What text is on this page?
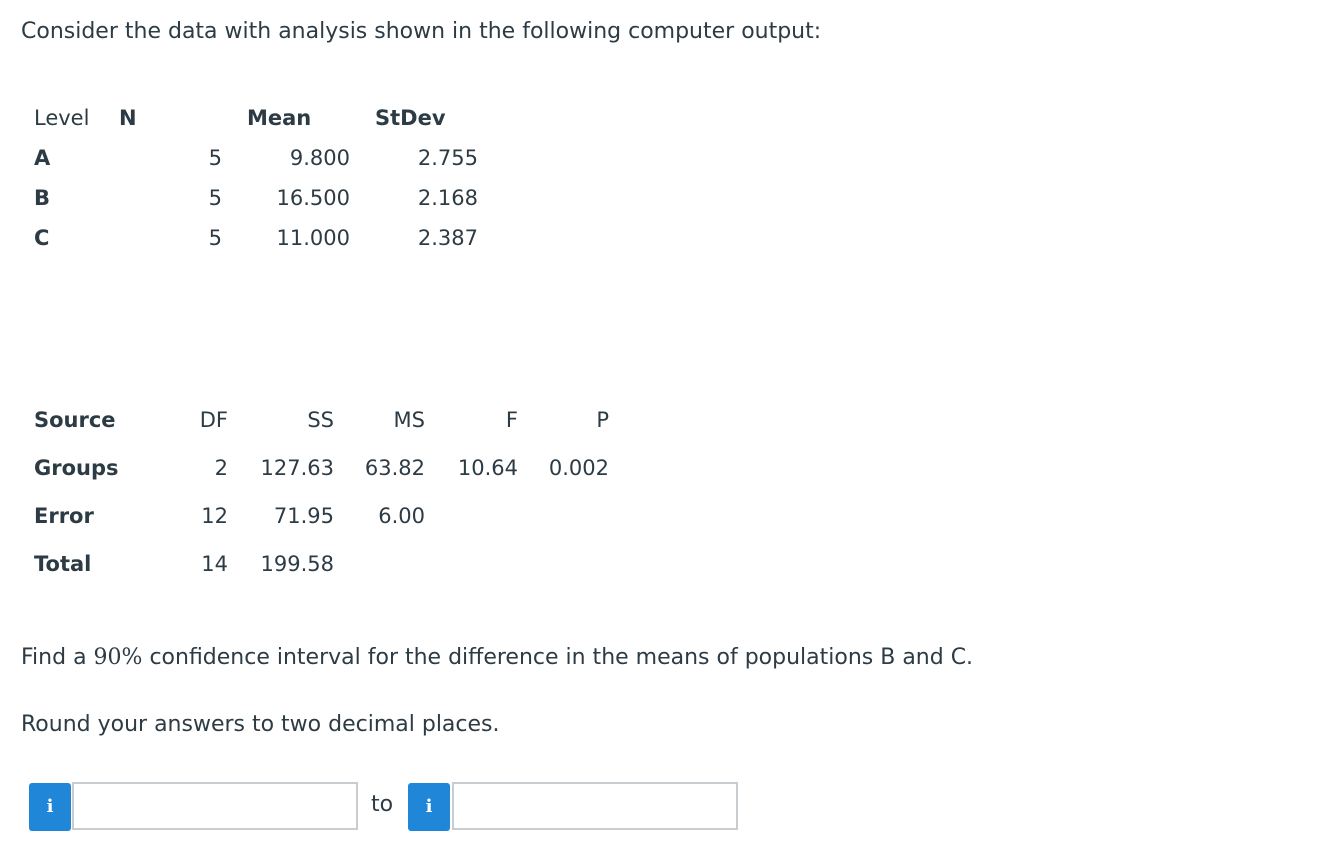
Consider the data with analysis shown in the following computer output:
Level N	Mean	StDev
A	5	9.800	2.755
B	5	16.500	2.168
C	5	11.000	2.387
Source	DF	SS	MS	F	P
Groups	2	127.63	63.82	10.64	0.002
Error	12	71.95	6.00
Total	14	199.58
Find a 90% confidence interval for the difference in the means of populations B and C.
Round your answers to two decimal places.
i	to	i
